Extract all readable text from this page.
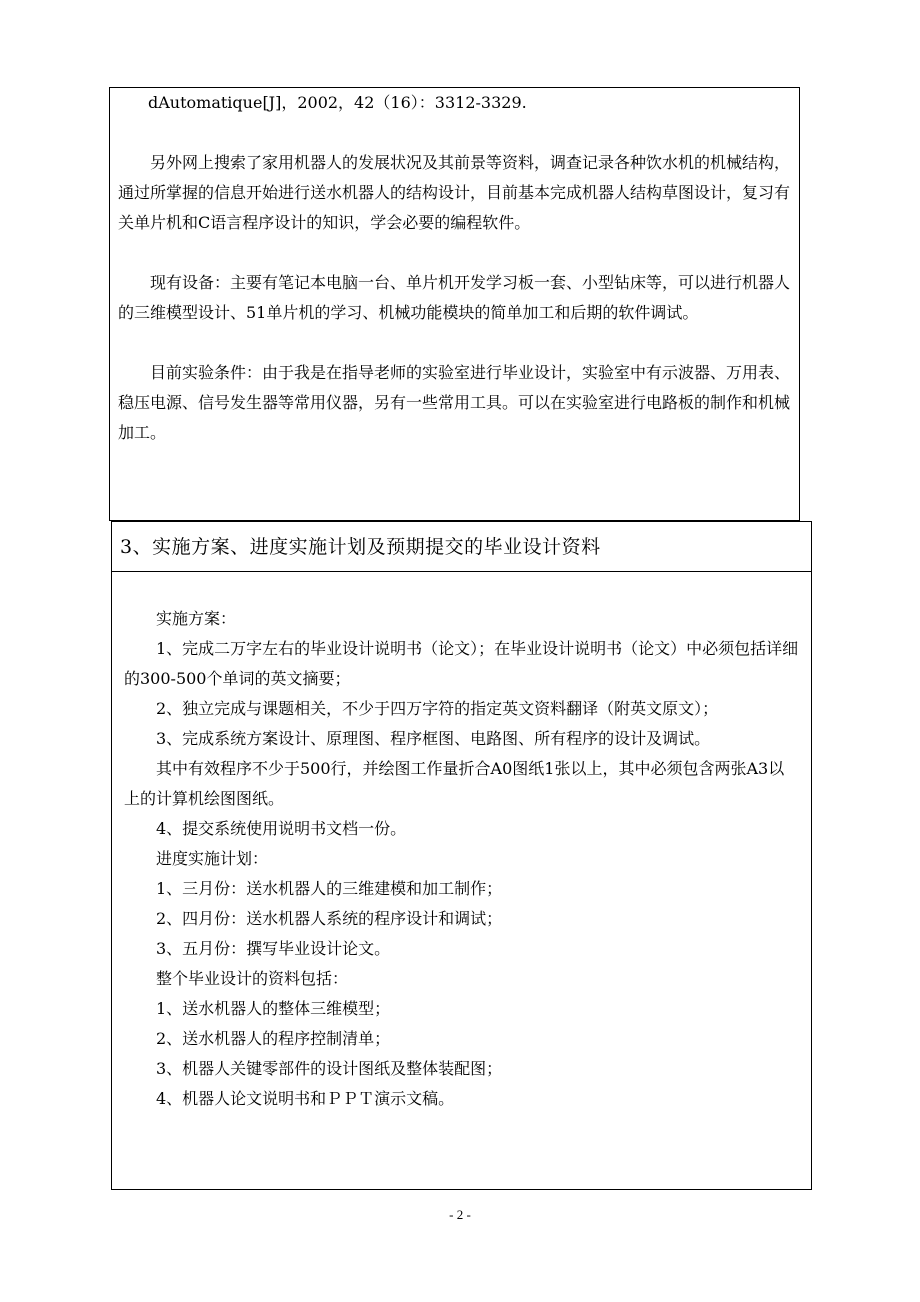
dAutomatique[J]，2002，42（16）：3312-3329.

另外网上搜索了家用机器人的发展状况及其前景等资料，调查记录各种饮水机的机械结构，通过所掌握的信息开始进行送水机器人的结构设计，目前基本完成机器人结构草图设计，复习有关单片机和C语言程序设计的知识，学会必要的编程软件。

现有设备：主要有笔记本电脑一台、单片机开发学习板一套、小型钻床等，可以进行机器人的三维模型设计、51单片机的学习、机械功能模块的简单加工和后期的软件调试。

目前实验条件：由于我是在指导老师的实验室进行毕业设计，实验室中有示波器、万用表、稳压电源、信号发生器等常用仪器，另有一些常用工具。可以在实验室进行电路板的制作和机械加工。

3、实施方案、进度实施计划及预期提交的毕业设计资料
实施方案：

1、完成二万字左右的毕业设计说明书（论文）；在毕业设计说明书（论文）中必须包括详细的300-500个单词的英文摘要；

2、独立完成与课题相关，不少于四万字符的指定英文资料翻译（附英文原文）；
3、完成系统方案设计、原理图、程序框图、电路图、所有程序的设计及调试。

其中有效程序不少于500行，并绘图工作量折合A0图纸1张以上，其中必须包含两张A3以上的计算机绘图图纸。

4、提交系统使用说明书文档一份。
进度实施计划：
1、三月份：送水机器人的三维建模和加工制作；
2、四月份：送水机器人系统的程序设计和调试；
3、五月份：撰写毕业设计论文。
整个毕业设计的资料包括：
1、送水机器人的整体三维模型；
2、送水机器人的程序控制清单；
3、机器人关键零部件的设计图纸及整体装配图；
4、机器人论文说明书和ＰＰＴ演示文稿。
- 2 -
